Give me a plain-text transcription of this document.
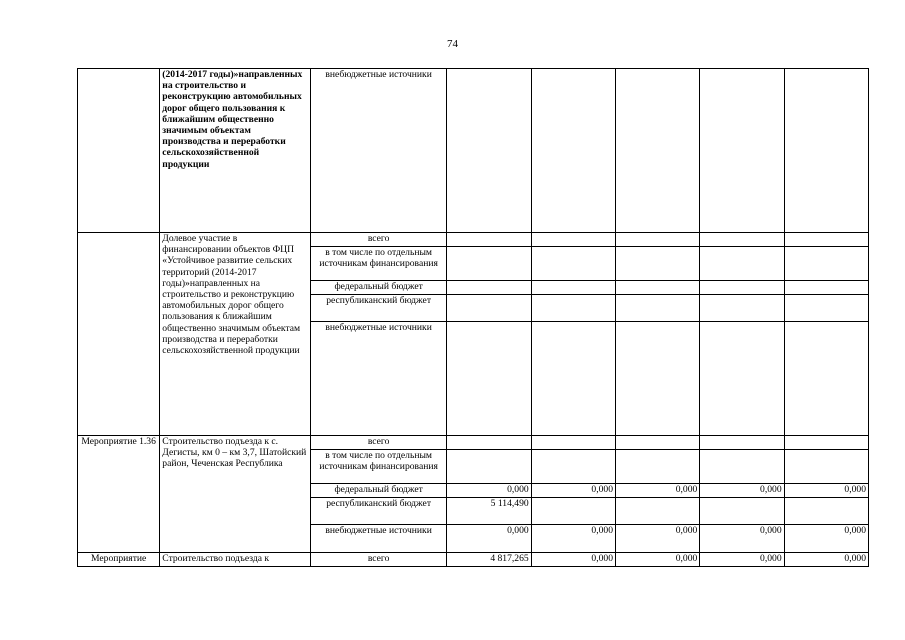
74
	(2014-2017 годы)»направленных на строительство и реконструкцию автомобильных дорог общего пользования к ближайшим общественно значимым объектам производства и переработки сельскохозяйственной продукции	внебюджетные источники					
	Долевое участие в финансировании объектов ФЦП «Устойчивое развитие сельских территорий (2014-2017 годы)»направленных на строительство и реконструкцию автомобильных дорог общего пользования к ближайшим общественно значимым объектам производства и переработки сельскохозяйственной продукции	всего					
		в том числе по отдельным источникам финансирования					
		федеральный бюджет					
		республиканский бюджет					
		внебюджетные источники					
Мероприятие 1.36	Строительство подъезда к с. Дегисты, км 0 – км 3,7, Шатойский район, Чеченская Республика	всего					
		в том числе по отдельным источникам финансирования					
		федеральный бюджет	0,000	0,000	0,000	0,000	0,000
		республиканский бюджет	5 114,490				
		внебюджетные источники	0,000	0,000	0,000	0,000	0,000
Мероприятие	Строительство подъезда к	всего	4 817,265	0,000	0,000	0,000	0,000
